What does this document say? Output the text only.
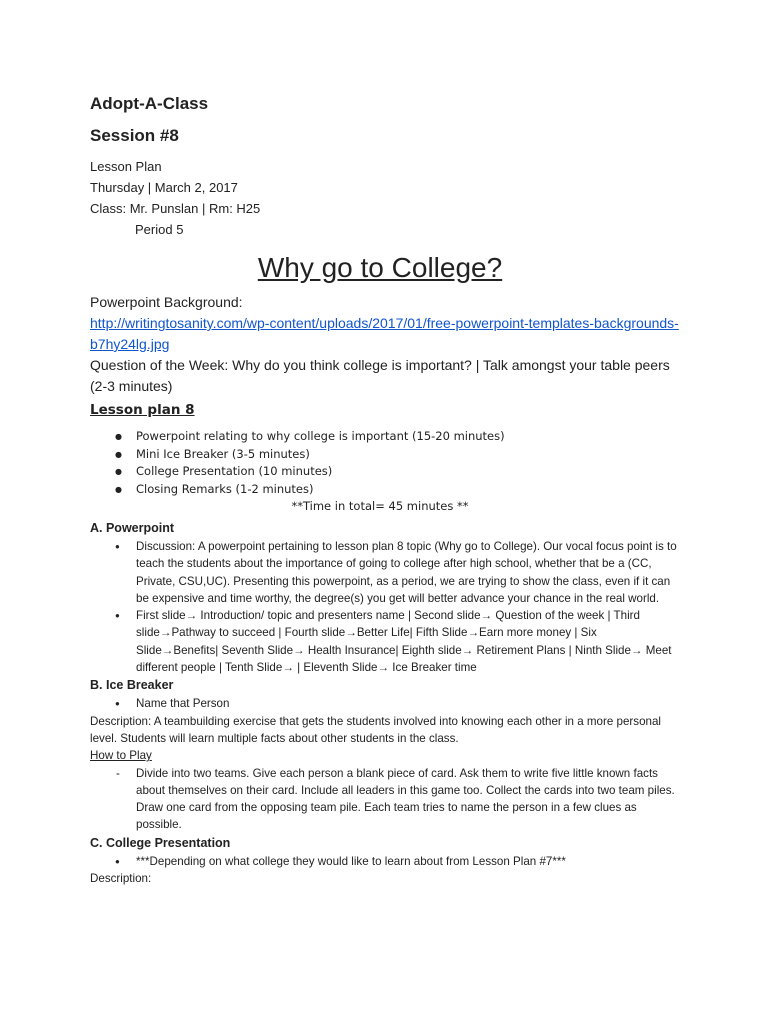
Adopt-A-Class

Session #8

Lesson Plan

Thursday | March 2, 2017

Class: Mr. Punslan | Rm: H25

Period 5

Why go to College?

Powerpoint Background:

http://writingtosanity.com/wp-content/uploads/2017/01/free-powerpoint-templates-backgrounds-b7hy24lg.jpg

Question of the Week: Why do you think college is important? | Talk amongst your table peers (2-3 minutes)

Lesson plan 8

● Powerpoint relating to why college is important (15-20 minutes)
● Mini Ice Breaker (3-5 minutes)
● College Presentation (10 minutes)
● Closing Remarks (1-2 minutes)

**Time in total= 45 minutes **

A. Powerpoint

● Discussion: A powerpoint pertaining to lesson plan 8 topic (Why go to College). Our vocal focus point is to teach the students about the importance of going to college after high school, whether that be a (CC, Private, CSU,UC). Presenting this powerpoint, as a period, we are trying to show the class, even if it can be expensive and time worthy, the degree(s) you get will better advance your chance in the real world.
● First slide→ Introduction/ topic and presenters name | Second slide→ Question of the week | Third slide→Pathway to succeed | Fourth slide→Better Life| Fifth Slide→Earn more money | Six Slide→Benefits| Seventh Slide→ Health Insurance| Eighth slide→ Retirement Plans | Ninth Slide→ Meet different people | Tenth Slide→ | Eleventh Slide→ Ice Breaker time

B. Ice Breaker

● Name that Person

Description: A teambuilding exercise that gets the students involved into knowing each other in a more personal level. Students will learn multiple facts about other students in the class.

How to Play

- Divide into two teams. Give each person a blank piece of card. Ask them to write five little known facts about themselves on their card. Include all leaders in this game too. Collect the cards into two team piles. Draw one card from the opposing team pile. Each team tries to name the person in a few clues as possible.

C. College Presentation

● ***Depending on what college they would like to learn about from Lesson Plan #7***

Description:
